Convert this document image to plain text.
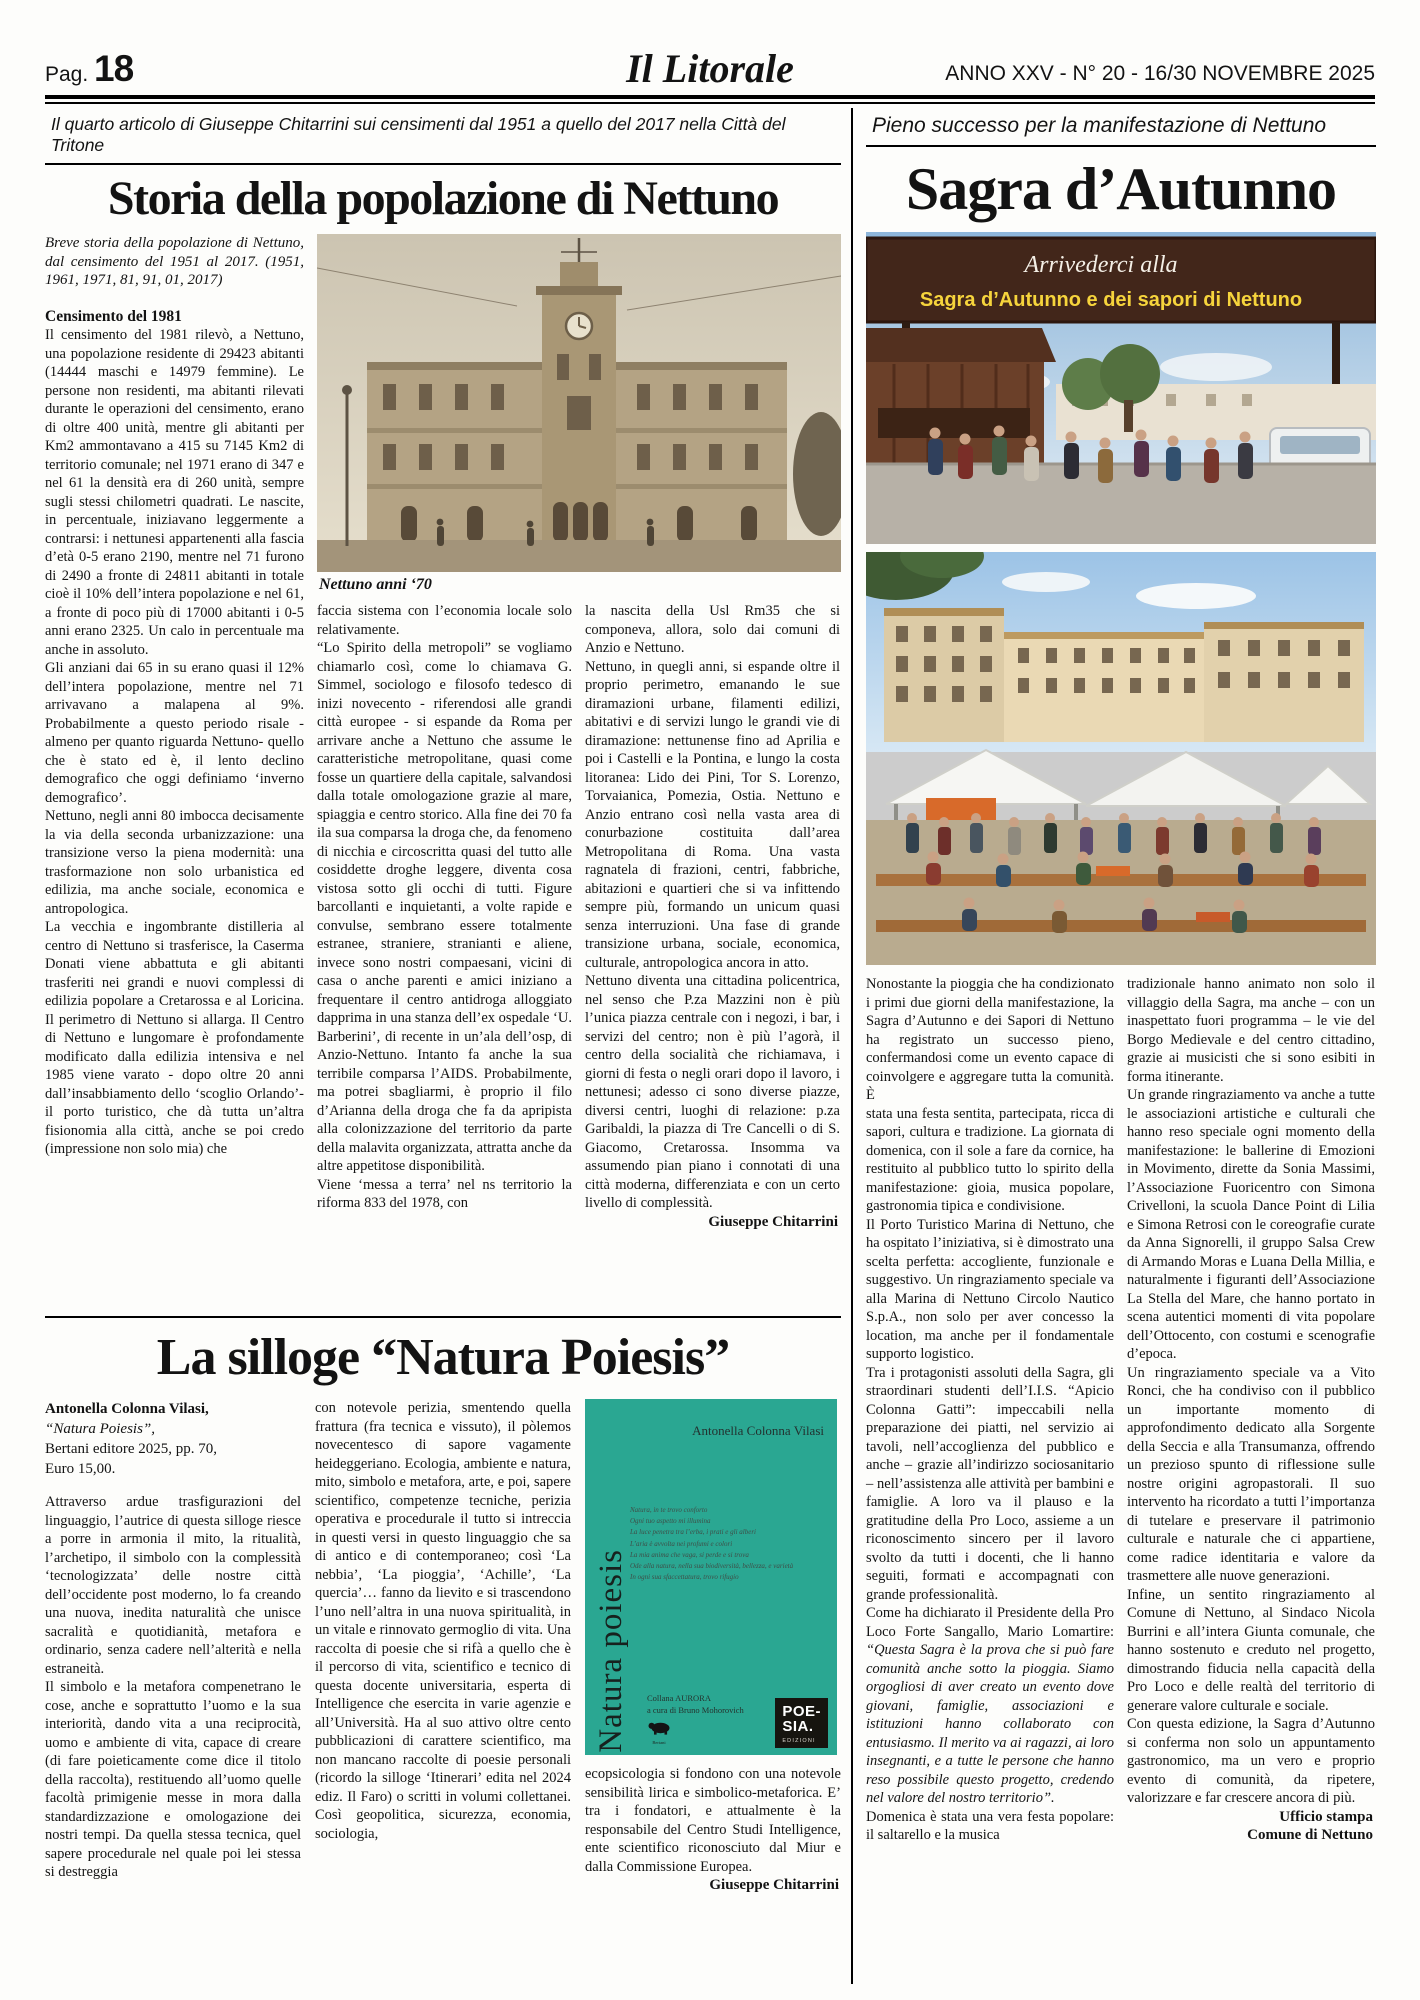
Pag. 18	Il Litorale	ANNO XXV - N° 20 - 16/30 NOVEMBRE 2025
Il quarto articolo di Giuseppe Chitarrini sui censimenti dal 1951 a quello del 2017 nella Città del Tritone
Storia della popolazione di Nettuno

Breve storia della popolazione di Nettuno, dal censimento del 1951 al 2017. (1951, 1961, 1971, 81, 91, 01, 2017)

Censimento del 1981

Il censimento del 1981 rilevò, a Nettuno, una popolazione residente di 29423 abitanti (14444 maschi e 14979 femmine). Le persone non residenti, ma abitanti rilevati durante le operazioni del censimento, erano di oltre 400 unità, mentre gli abitanti per Km2 ammontavano a 415 su 7145 Km2 di territorio comunale; nel 1971 erano di 347 e nel 61 la densità era di 260 unità, sempre sugli stessi chilometri quadrati. Le nascite, in percentuale, iniziavano leggermente a contrarsi: i nettunesi appartenenti alla fascia d’età 0-5 erano 2190, mentre nel 71 furono di 2490 a fronte di 24811 abitanti in totale cioè il 10% dell’intera popolazione e nel 61, a fronte di poco più di 17000 abitanti i 0-5 anni erano 2325. Un calo in percentuale ma anche in assoluto.

Gli anziani dai 65 in su erano quasi il 12% dell’intera popolazione, mentre nel 71 arrivavano a malapena al 9%. Probabilmente a questo periodo risale -almeno per quanto riguarda Nettuno- quello che è stato ed è, il lento declino demografico che oggi definiamo ‘inverno demografico’.

Nettuno, negli anni 80 imbocca decisamente la via della seconda urbanizzazione: una transizione verso la piena modernità: una trasformazione non solo urbanistica ed edilizia, ma anche sociale, economica e antropologica.

La vecchia e ingombrante distilleria al centro di Nettuno si trasferisce, la Caserma Donati viene abbattuta e gli abitanti trasferiti nei grandi e nuovi complessi di edilizia popolare a Cretarossa e al Loricina. Il perimetro di Nettuno si allarga. Il Centro di Nettuno e lungomare è profondamente modificato dalla edilizia intensiva e nel 1985 viene varato - dopo oltre 20 anni dall’insabbiamento dello ‘scoglio Orlando’- il porto turistico, che dà tutta un’altra fisionomia alla città, anche se poi credo (impressione non solo mia) che

Nettuno anni ‘70

faccia sistema con l’economia locale solo relativamente.

“Lo Spirito della metropoli” se vogliamo chiamarlo così, come lo chiamava G. Simmel, sociologo e filosofo tedesco di inizi novecento - riferendosi alle grandi città europee - si espande da Roma per arrivare anche a Nettuno che assume le caratteristiche metropolitane, quasi come fosse un quartiere della capitale, salvandosi dalla totale omologazione grazie al mare, spiaggia e centro storico. Alla fine dei 70 fa ila sua comparsa la droga che, da fenomeno di nicchia e circoscritta quasi del tutto alle cosiddette droghe leggere, diventa cosa vistosa sotto gli occhi di tutti. Figure barcollanti e inquietanti, a volte rapide e convulse, sembrano essere totalmente estranee, straniere, stranianti e aliene, invece sono nostri compaesani, vicini di casa o anche parenti e amici iniziano a frequentare il centro antidroga alloggiato dapprima in una stanza dell’ex ospedale ‘U. Barberini’, di recente in un’ala dell’osp, di Anzio-Nettuno. Intanto fa anche la sua terribile comparsa l’AIDS. Probabilmente, ma potrei sbagliarmi, è proprio il filo d’Arianna della droga che fa da apripista alla colonizzazione del territorio da parte della malavita organizzata, attratta anche da altre appetitose disponibilità.

Viene ‘messa a terra’ nel ns territorio la riforma 833 del 1978, con

la nascita della Usl Rm35 che si componeva, allora, solo dai comuni di Anzio e Nettuno.

Nettuno, in quegli anni, si espande oltre il proprio perimetro, emanando le sue diramazioni urbane, filamenti edilizi, abitativi e di servizi lungo le grandi vie di diramazione: nettunense fino ad Aprilia e poi i Castelli e la Pontina, e lungo la costa litoranea: Lido dei Pini, Tor S. Lorenzo, Torvaianica, Pomezia, Ostia. Nettuno e Anzio entrano così nella vasta area di conurbazione costituita dall’area Metropolitana di Roma. Una vasta ragnatela di frazioni, centri, fabbriche, abitazioni e quartieri che si va infittendo sempre più, formando un unicum quasi senza interruzioni. Una fase di grande transizione urbana, sociale, economica, culturale, antropologica ancora in atto.

Nettuno diventa una cittadina policentrica, nel senso che P.za Mazzini non è più l’unica piazza centrale con i negozi, i bar, i servizi del centro; non è più l’agorà, il centro della socialità che richiamava, i giorni di festa o negli orari dopo il lavoro, i nettunesi; adesso ci sono diverse piazze, diversi centri, luoghi di relazione: p.za Garibaldi, la piazza di Tre Cancelli o di S. Giacomo, Cretarossa. Insomma va assumendo pian piano i connotati di una città moderna, differenziata e con un certo livello di complessità.

Giuseppe Chitarrini

La silloge “Natura Poiesis”
Antonella Colonna Vilasi,
“Natura Poiesis”,
Bertani editore 2025, pp. 70,
Euro 15,00.

Attraverso ardue trasfigurazioni del linguaggio, l’autrice di questa silloge riesce a porre in armonia il mito, la ritualità, l’archetipo, il simbolo con la complessità ‘tecnologizzata’ delle nostre città dell’occidente post moderno, lo fa creando una nuova, inedita naturalità che unisce sacralità e quotidianità, metafora e ordinario, senza cadere nell’alterità e nella estraneità.

Il simbolo e la metafora compenetrano le cose, anche e soprattutto l’uomo e la sua interiorità, dando vita a una reciprocità, uomo e ambiente di vita, capace di creare (di fare poieticamente come dice il titolo della raccolta), restituendo all’uomo quelle facoltà primigenie messe in mora dalla standardizzazione e omologazione dei nostri tempi. Da quella stessa tecnica, quel sapere procedurale nel quale poi lei stessa si destreggia

con notevole perizia, smentendo quella frattura (fra tecnica e vissuto), il pòlemos novecentesco di sapore vagamente heideggeriano. Ecologia, ambiente e natura, mito, simbolo e metafora, arte, e poi, sapere scientifico, competenze tecniche, perizia operativa e procedurale il tutto si intreccia in questi versi in questo linguaggio che sa di antico e di contemporaneo; così ‘La nebbia’, ‘La pioggia’, ‘Achille’, ‘La quercia’… fanno da lievito e si trascendono l’uno nell’altra in una nuova spiritualità, in un vitale e rinnovato germoglio di vita. Una raccolta di poesie che si rifà a quello che è il percorso di vita, scientifico e tecnico di questa docente universitaria, esperta di Intelligence che esercita in varie agenzie e all’Università. Ha al suo attivo oltre cento pubblicazioni di carattere scientifico, ma non mancano raccolte di poesie personali (ricordo la silloge ‘Itinerari’ edita nel 2024 ediz. Il Faro) o scritti in volumi collettanei. Così geopolitica, sicurezza, economia, sociologia,

Antonella Colonna Vilasi
Natura, in te trovo conforto
Ogni tuo aspetto mi illumina
La luce penetra tra l’erba, i prati e gli alberi
L’aria è avvolta nei profumi e colori
La mia anima che vaga, si perde e si trova
Ode alla natura, nella sua biodiversità, bellezza, e varietà
In ogni sua sfaccettatura, trovo rifugio
Natura poiesis Collana AURORA
a cura di Bruno Mohorovich
Bertani
POE-
SIA.
EDIZIONI

ecopsicologia si fondono con una notevole sensibilità lirica e simbolico-metaforica. E’ tra i fondatori, e attualmente è la responsabile del Centro Studi Intelligence, ente scientifico riconosciuto dal Miur e dalla Commissione Europea.

Giuseppe Chitarrini

Pieno successo per la manifestazione di Nettuno
Sagra d’Autunno
Arrivederci alla
Sagra d’Autunno e dei sapori di Nettuno

Nonostante la pioggia che ha condizionato i primi due giorni della manifestazione, la Sagra d’Autunno e dei Sapori di Nettuno ha registrato un successo pieno, confermandosi come un evento capace di coinvolgere e aggregare tutta la comunità. È

stata una festa sentita, partecipata, ricca di sapori, cultura e tradizione. La giornata di domenica, con il sole a fare da cornice, ha restituito al pubblico tutto lo spirito della manifestazione: gioia, musica popolare, gastronomia tipica e condivisione.

Il Porto Turistico Marina di Nettuno, che ha ospitato l’iniziativa, si è dimostrato una scelta perfetta: accogliente, funzionale e suggestivo. Un ringraziamento speciale va alla Marina di Nettuno Circolo Nautico S.p.A., non solo per aver concesso la location, ma anche per il fondamentale supporto logistico.

Tra i protagonisti assoluti della Sagra, gli straordinari studenti dell’I.I.S. “Apicio Colonna Gatti”: impeccabili nella preparazione dei piatti, nel servizio ai tavoli, nell’accoglienza del pubblico e anche – grazie all’indirizzo sociosanitario – nell’assistenza alle attività per bambini e famiglie. A loro va il plauso e la gratitudine della Pro Loco, assieme a un riconoscimento sincero per il lavoro svolto da tutti i docenti, che li hanno seguiti, formati e accompagnati con grande professionalità.

Come ha dichiarato il Presidente della Pro Loco Forte Sangallo, Mario Lomartire: “Questa Sagra è la prova che si può fare comunità anche sotto la pioggia. Siamo orgogliosi di aver creato un evento dove giovani, famiglie, associazioni e istituzioni hanno collaborato con entusiasmo. Il merito va ai ragazzi, ai loro insegnanti, e a tutte le persone che hanno reso possibile questo progetto, credendo nel valore del nostro territorio”.

Domenica è stata una vera festa popolare: il saltarello e la musica

tradizionale hanno animato non solo il villaggio della Sagra, ma anche – con un inaspettato fuori programma – le vie del Borgo Medievale e del centro cittadino, grazie ai musicisti che si sono esibiti in forma itinerante.

Un grande ringraziamento va anche a tutte le associazioni artistiche e culturali che hanno reso speciale ogni momento della manifestazione: le ballerine di Emozioni in Movimento, dirette da Sonia Massimi, l’Associazione Fuoricentro con Simona Crivelloni, la scuola Dance Point di Lilia e Simona Retrosi con le coreografie curate da Anna Signorelli, il gruppo Salsa Crew di Armando Moras e Luana Della Millia, e naturalmente i figuranti dell’Associazione La Stella del Mare, che hanno portato in scena autentici momenti di vita popolare dell’Ottocento, con costumi e scenografie d’epoca.

Un ringraziamento speciale va a Vito Ronci, che ha condiviso con il pubblico un importante momento di approfondimento dedicato alla Sorgente della Seccia e alla Transumanza, offrendo un prezioso spunto di riflessione sulle nostre origini agropastorali. Il suo intervento ha ricordato a tutti l’importanza di tutelare e preservare il patrimonio culturale e naturale che ci appartiene, come radice identitaria e valore da trasmettere alle nuove generazioni.

Infine, un sentito ringraziamento al Comune di Nettuno, al Sindaco Nicola Burrini e all’intera Giunta comunale, che hanno sostenuto e creduto nel progetto, dimostrando fiducia nella capacità della Pro Loco e delle realtà del territorio di generare valore culturale e sociale.

Con questa edizione, la Sagra d’Autunno si conferma non solo un appuntamento gastronomico, ma un vero e proprio evento di comunità, da ripetere, valorizzare e far crescere ancora di più.

Ufficio stampa

Comune di Nettuno
